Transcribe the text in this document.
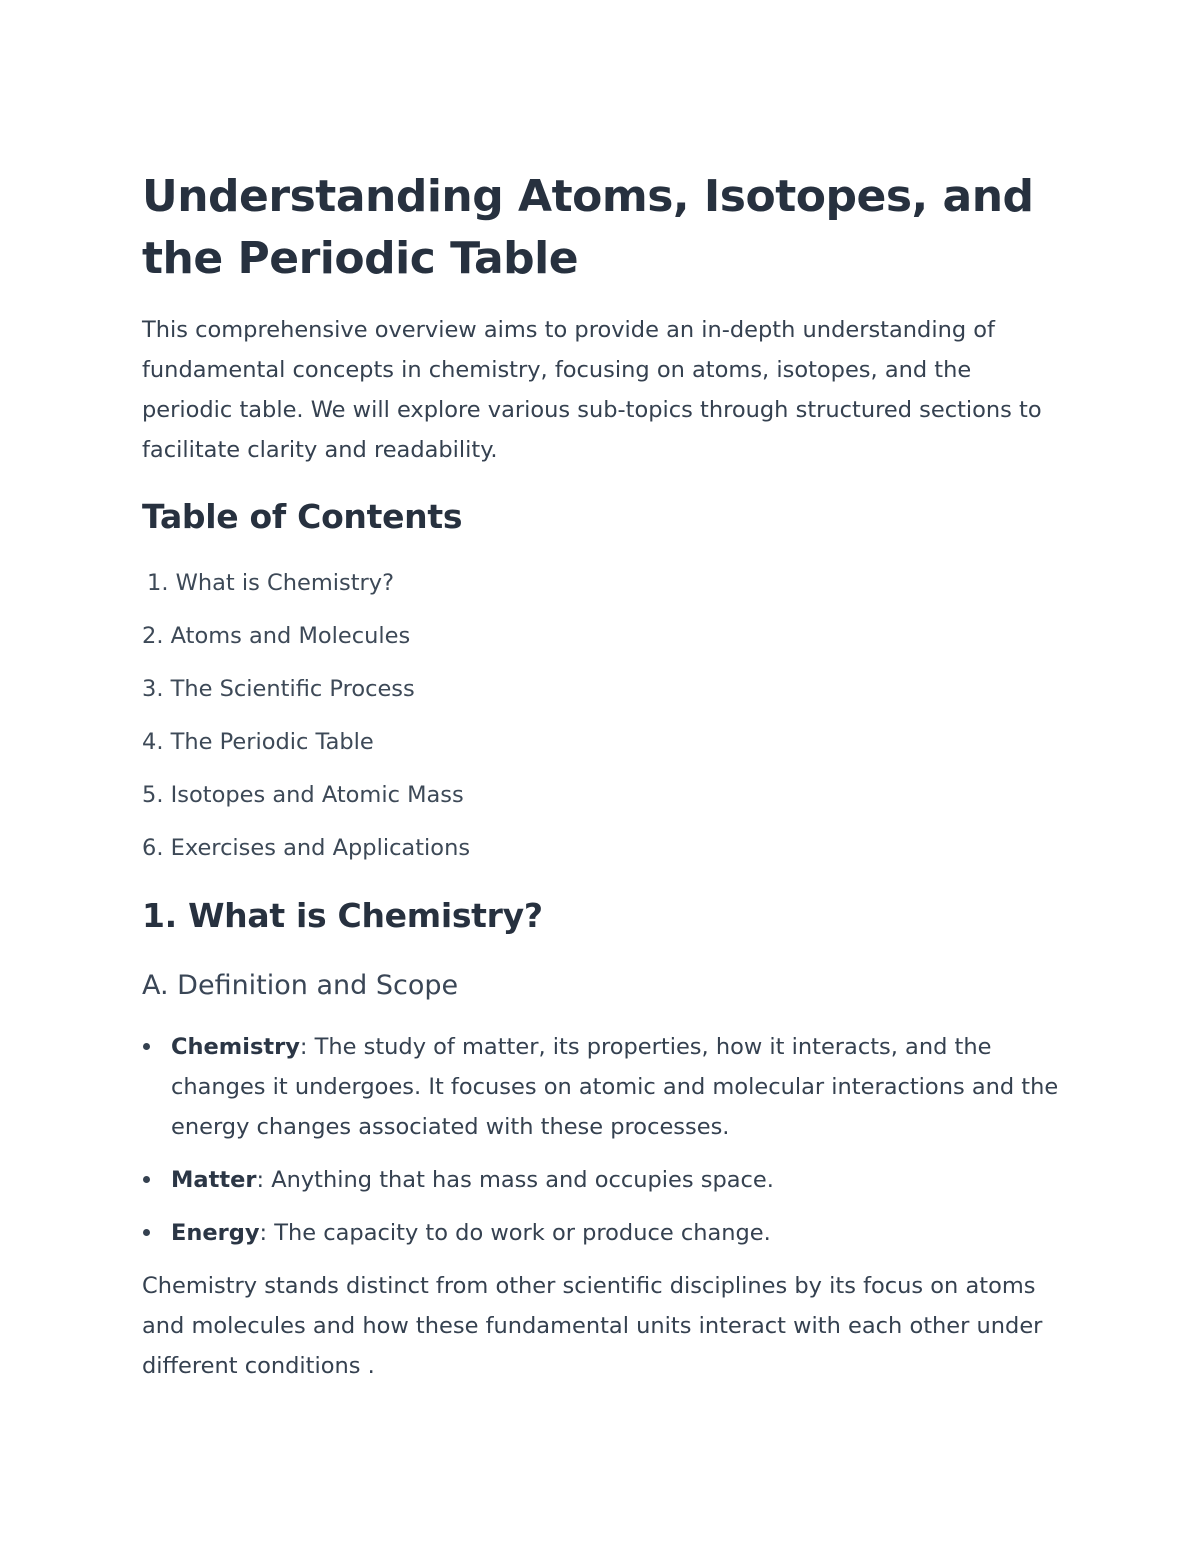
Understanding Atoms, Isotopes, and the Periodic Table

This comprehensive overview aims to provide an in-depth understanding of fundamental concepts in chemistry, focusing on atoms, isotopes, and the periodic table. We will explore various sub-topics through structured sections to facilitate clarity and readability.

Table of Contents
1. What is Chemistry?
2. Atoms and Molecules
3. The Scientific Process
4. The Periodic Table
5. Isotopes and Atomic Mass
6. Exercises and Applications
1. What is Chemistry?
A. Definition and Scope
Chemistry: The study of matter, its properties, how it interacts, and the changes it undergoes. It focuses on atomic and molecular interactions and the energy changes associated with these processes.
Matter: Anything that has mass and occupies space.
Energy: The capacity to do work or produce change.

Chemistry stands distinct from other scientific disciplines by its focus on atoms and molecules and how these fundamental units interact with each other under different conditions .
